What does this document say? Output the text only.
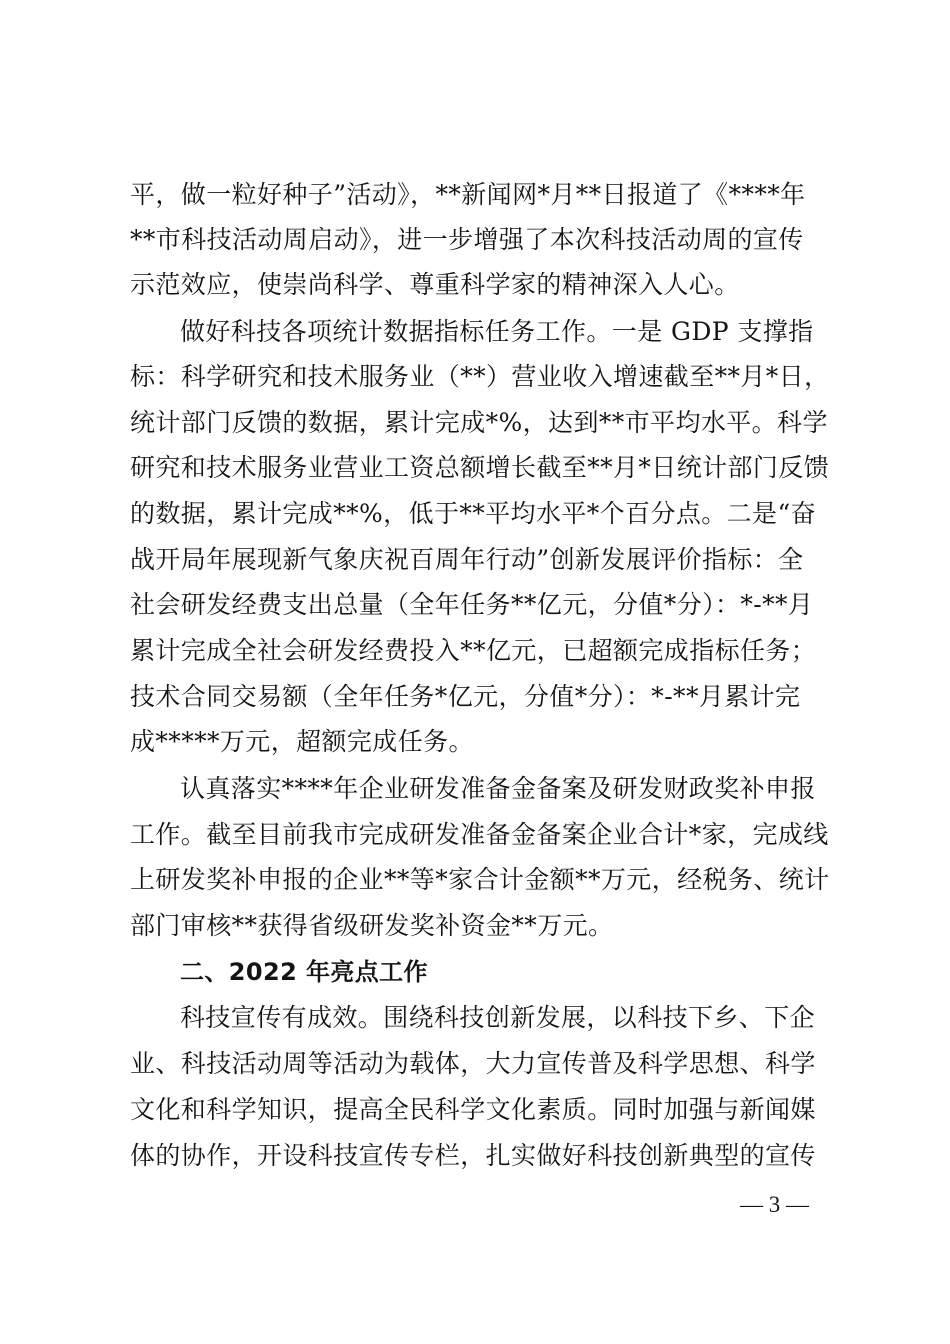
平，做一粒好种子”活动》，**新闻网*月**日报道了《****年
**市科技活动周启动》，进一步增强了本次科技活动周的宣传
示范效应，使崇尚科学、尊重科学家的精神深入人心。
做好科技各项统计数据指标任务工作。一是 GDP 支撑指
标：科学研究和技术服务业（**）营业收入增速截至**月*日，
统计部门反馈的数据，累计完成*%，达到**市平均水平。科学
研究和技术服务业营业工资总额增长截至**月*日统计部门反馈
的数据，累计完成**%，低于**平均水平*个百分点。二是“奋
战开局年展现新气象庆祝百周年行动”创新发展评价指标：全
社会研发经费支出总量（全年任务**亿元，分值*分）：*-**月
累计完成全社会研发经费投入**亿元，已超额完成指标任务；
技术合同交易额（全年任务*亿元，分值*分）：*-**月累计完
成*****万元，超额完成任务。
认真落实****年企业研发准备金备案及研发财政奖补申报
工作。截至目前我市完成研发准备金备案企业合计*家，完成线
上研发奖补申报的企业**等*家合计金额**万元，经税务、统计
部门审核**获得省级研发奖补资金**万元。
二、2022 年亮点工作
科技宣传有成效。围绕科技创新发展，以科技下乡、下企
业、科技活动周等活动为载体，大力宣传普及科学思想、科学
文化和科学知识，提高全民科学文化素质。同时加强与新闻媒
体的协作，开设科技宣传专栏，扎实做好科技创新典型的宣传
— 3 —
